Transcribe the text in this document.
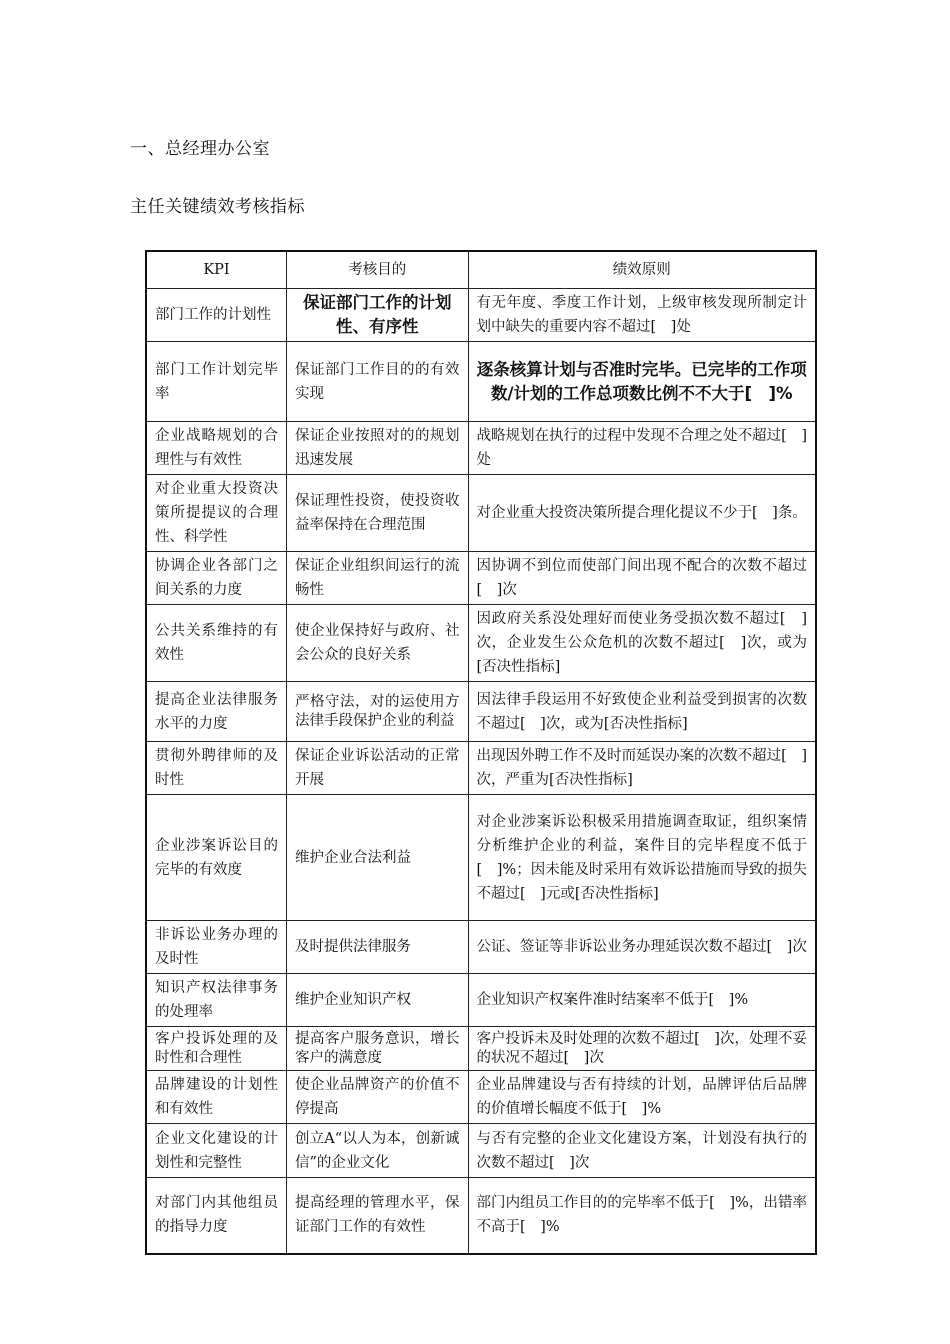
一、总经理办公室
主任关键绩效考核指标
KPI	考核目的	绩效原则
部门工作的计划性	保证部门工作的计划性、有序性	有无年度、季度工作计划，上级审核发现所制定计划中缺失的重要内容不超过[　]处
部门工作计划完毕率	保证部门工作目的的有效实现	逐条核算计划与否准时完毕。已完毕的工作项数/计划的工作总项数比例不不大于[　]%
企业战略规划的合理性与有效性	保证企业按照对的的规划迅速发展	战略规划在执行的过程中发现不合理之处不超过[　]处
对企业重大投资决策所提提议的合理性、科学性	保证理性投资，使投资收益率保持在合理范围	对企业重大投资决策所提合理化提议不少于[　]条。
协调企业各部门之间关系的力度	保证企业组织间运行的流畅性	因协调不到位而使部门间出现不配合的次数不超过[　]次
公共关系维持的有效性	使企业保持好与政府、社会公众的良好关系	因政府关系没处理好而使业务受损次数不超过[　]次，企业发生公众危机的次数不超过[　]次，或为[否决性指标]
提高企业法律服务水平的力度	严格守法，对的运使用方法律手段保护企业的利益	因法律手段运用不好致使企业利益受到损害的次数不超过[　]次，或为[否决性指标]
贯彻外聘律师的及时性	保证企业诉讼活动的正常开展	出现因外聘工作不及时而延误办案的次数不超过[　]次，严重为[否决性指标]
企业涉案诉讼目的完毕的有效度	维护企业合法利益	对企业涉案诉讼积极采用措施调查取证，组织案情分析维护企业的利益，案件目的完毕程度不低于[　]%；因未能及时采用有效诉讼措施而导致的损失不超过[　]元或[否决性指标]
非诉讼业务办理的及时性	及时提供法律服务	公证、签证等非诉讼业务办理延误次数不超过[　]次
知识产权法律事务的处理率	维护企业知识产权	企业知识产权案件准时结案率不低于[　]%
客户投诉处理的及时性和合理性	提高客户服务意识，增长客户的满意度	客户投诉未及时处理的次数不超过[　]次，处理不妥的状况不超过[　]次
品牌建设的计划性和有效性	使企业品牌资产的价值不停提高	企业品牌建设与否有持续的计划，品牌评估后品牌的价值增长幅度不低于[　]%
企业文化建设的计划性和完整性	创立A“以人为本，创新诚信”的企业文化	与否有完整的企业文化建设方案，计划没有执行的次数不超过[　]次
对部门内其他组员的指导力度	提高经理的管理水平，保证部门工作的有效性	部门内组员工作目的的完毕率不低于[　]%，出错率不高于[　]%
